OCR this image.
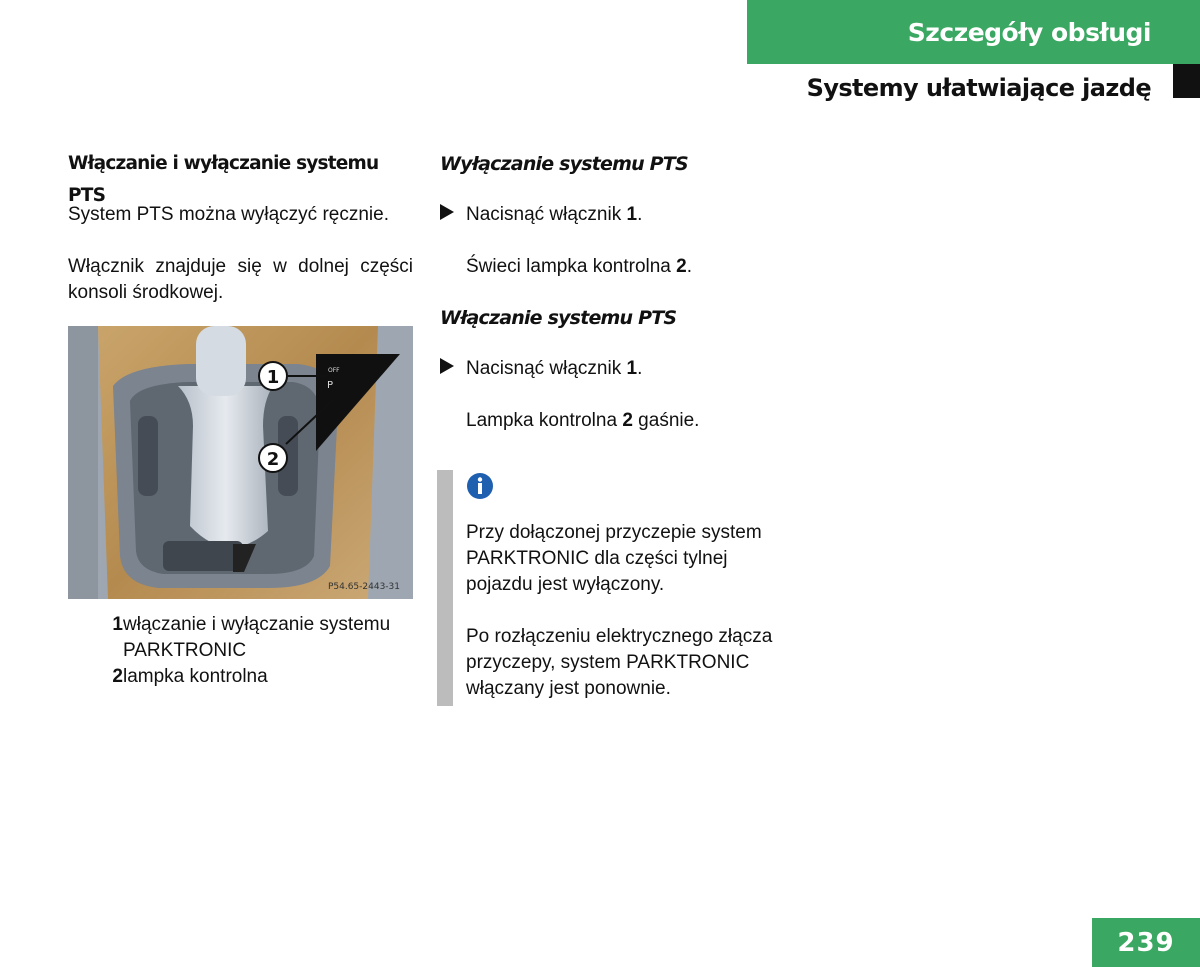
Szczegóły obsługi
Systemy ułatwiające jazdę
Włączanie i wyłączanie systemu PTS

System PTS można wyłączyć ręcznie.

Włącznik znajduje się w dolnej części konsoli środkowej.

OFF
P
1
2
P54.65-2443-31
1 włączanie i wyłączanie systemu PARKTRONIC
2 lampka kontrolna
Wyłączanie systemu PTS
Nacisnąć włącznik 1.

Świeci lampka kontrolna 2.

Włączanie systemu PTS
Nacisnąć włącznik 1.

Lampka kontrolna 2 gaśnie.

Przy dołączonej przyczepie system PARKTRONIC dla części tylnej pojazdu jest wyłączony.

Po rozłączeniu elektrycznego złącza przyczepy, system PARKTRONIC włączany jest ponownie.

239
